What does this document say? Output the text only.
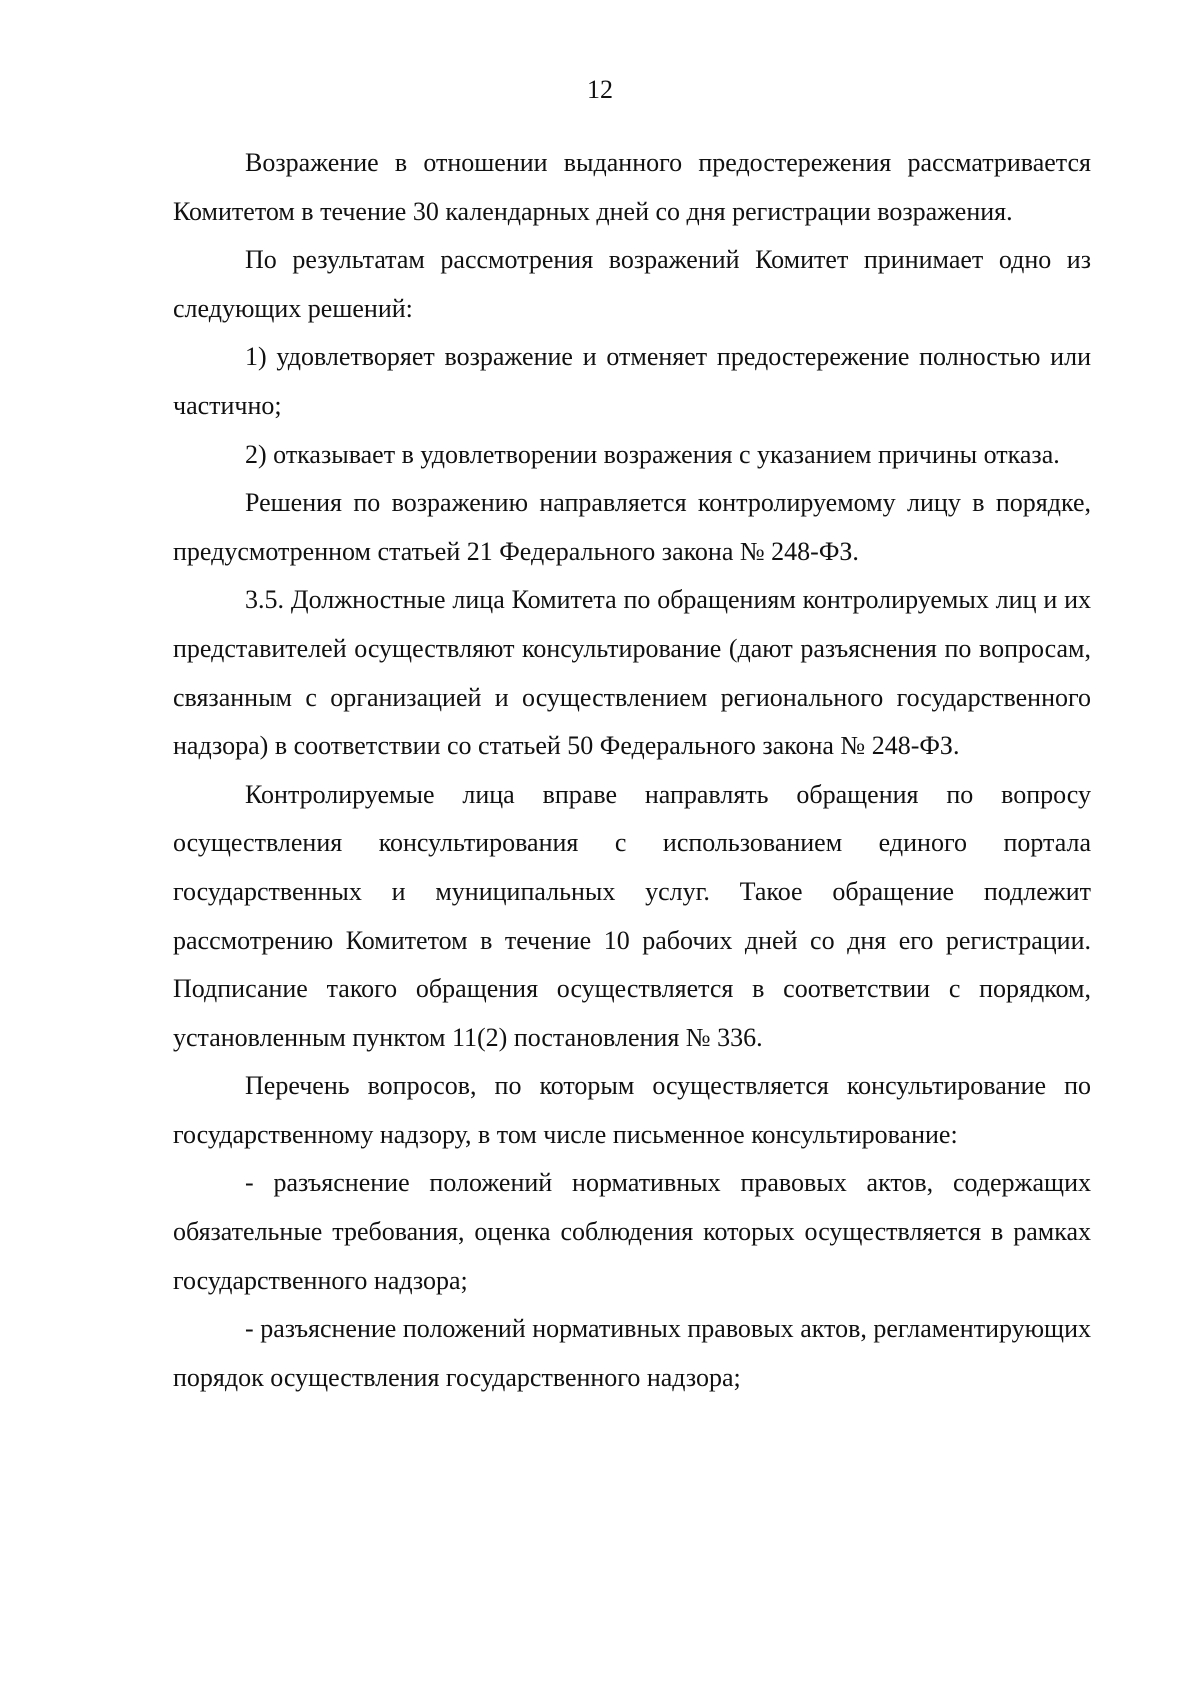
12

Возражение в отношении выданного предостережения рассматривается Комитетом в течение 30 календарных дней со дня регистрации возражения.

По результатам рассмотрения возражений Комитет принимает одно из следующих решений:

1) удовлетворяет возражение и отменяет предостережение полностью или частично;

2) отказывает в удовлетворении возражения с указанием причины отказа.

Решения по возражению направляется контролируемому лицу в порядке, предусмотренном статьей 21 Федерального закона № 248-ФЗ.

3.5. Должностные лица Комитета по обращениям контролируемых лиц и их представителей осуществляют консультирование (дают разъяснения по вопросам, связанным с организацией и осуществлением регионального государственного надзора) в соответствии со статьей 50 Федерального закона № 248-ФЗ.

Контролируемые лица вправе направлять обращения по вопросу осуществления консультирования с использованием единого портала государственных и муниципальных услуг. Такое обращение подлежит рассмотрению Комитетом в течение 10 рабочих дней со дня его регистрации. Подписание такого обращения осуществляется в соответствии с порядком, установленным пунктом 11(2) постановления № 336.

Перечень вопросов, по которым осуществляется консультирование по государственному надзору, в том числе письменное консультирование:

- разъяснение положений нормативных правовых актов, содержащих обязательные требования, оценка соблюдения которых осуществляется в рамках государственного надзора;

- разъяснение положений нормативных правовых актов, регламентирующих порядок осуществления государственного надзора;
